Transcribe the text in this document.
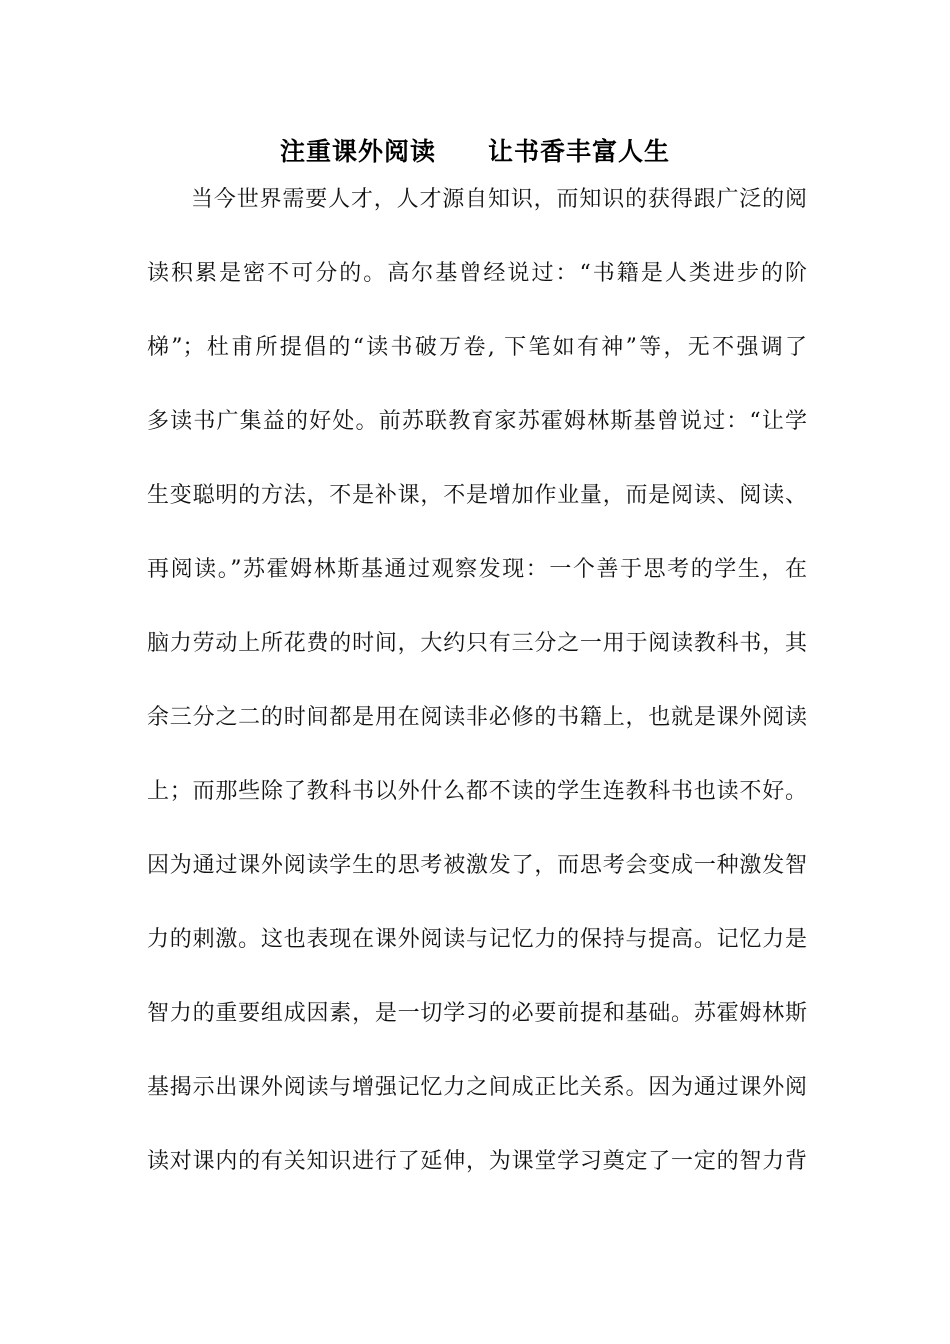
注重课外阅读　　让书香丰富人生
当今世界需要人才，人才源自知识，而知识的获得跟广泛的阅
读积累是密不可分的。高尔基曾经说过：“书籍是人类进步的阶
梯”；杜甫所提倡的“读书破万卷, 下笔如有神”等，无不强调了
多读书广集益的好处。前苏联教育家苏霍姆林斯基曾说过：“让学
生变聪明的方法，不是补课，不是增加作业量，而是阅读、阅读、
再阅读。”苏霍姆林斯基通过观察发现：一个善于思考的学生，在
脑力劳动上所花费的时间，大约只有三分之一用于阅读教科书，其
余三分之二的时间都是用在阅读非必修的书籍上，也就是课外阅读
上；而那些除了教科书以外什么都不读的学生连教科书也读不好。
因为通过课外阅读学生的思考被激发了，而思考会变成一种激发智
力的刺激。这也表现在课外阅读与记忆力的保持与提高。记忆力是
智力的重要组成因素，是一切学习的必要前提和基础。苏霍姆林斯
基揭示出课外阅读与增强记忆力之间成正比关系。因为通过课外阅
读对课内的有关知识进行了延伸，为课堂学习奠定了一定的智力背
